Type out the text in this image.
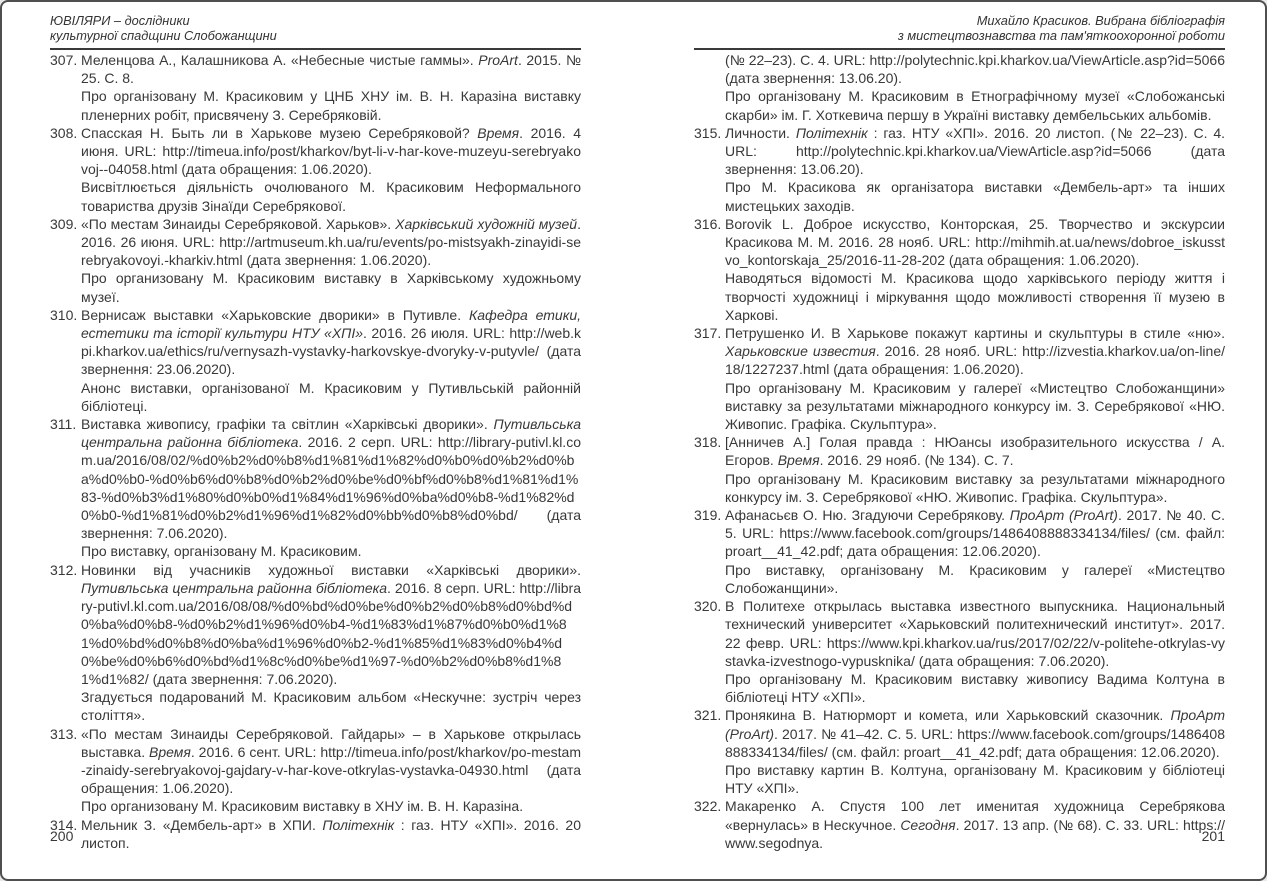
ЮВІЛЯРИ – дослідники
культурної спадщини Слобожанщини
307. Меленцова А., Калашникова А. «Небесные чистые гаммы». ProArt. 2015. № 25. С. 8.

Про організовану М. Красиковим у ЦНБ ХНУ ім. В. Н. Каразіна виставку пленерних робіт, присвячену З. Серебряковій.

308. Спасская Н. Быть ли в Харькове музею Серебряковой? Время. 2016. 4 июня. URL: http://timeua.info/post/kharkov/byt-li-v-har-kove-muzeyu-serebryakovoj--04058.html (дата обращения: 1.06.2020).

Висвітлюється діяльність очолюваного М. Красиковим Неформального товариства друзів Зінаїди Серебрякової.

309. «По местам Зинаиды Серебряковой. Харьков». Харківський художній музей. 2016. 26 июня. URL: http://artmuseum.kh.ua/ru/events/po-mistsyakh-zinayidi-serebryakovoyi.-kharkiv.html (дата звернення: 1.06.2020).

Про организовану М. Красиковим виставку в Харківському художньому музеї.

310. Вернисаж выставки «Харьковские дворики» в Путивле. Кафедра етики, естетики та історії культури НТУ «ХПІ». 2016. 26 июля. URL: http://web.kpi.kharkov.ua/ethics/ru/vernysazh-vystavky-harkovskye-dvoryky-v-putyvle/ (дата звернення: 23.06.2020).

Анонс виставки, організованої М. Красиковим у Путивльській районній бібліотеці.

311. Виставка живопису, графіки та світлин «Харківські дворики». Путивльська центральна районна бібліотека. 2016. 2 серп. URL: http://library-putivl.kl.com.ua/2016/08/02/%d0%b2%d0%b8%d1%81%d1%82%d0%b0%d0%b2%d0%ba%d0%b0-%d0%b6%d0%b8%d0%b2%d0%be%d0%bf%d0%b8%d1%81%d1%83-%d0%b3%d1%80%d0%b0%d1%84%d1%96%d0%ba%d0%b8-%d1%82%d0%b0-%d1%81%d0%b2%d1%96%d1%82%d0%bb%d0%b8%d0%bd/ (дата звернення: 7.06.2020).

Про виставку, організовану М. Красиковим.

312. Новинки від учасників художньої виставки «Харківські дворики». Путивльська центральна районна бібліотека. 2016. 8 серп. URL: http://library-putivl.kl.com.ua/2016/08/08/%d0%bd%d0%be%d0%b2%d0%b8%d0%bd%d0%ba%d0%b8-%d0%b2%d1%96%d0%b4-%d1%83%d1%87%d0%b0%d1%81%d0%bd%d0%b8%d0%ba%d1%96%d0%b2-%d1%85%d1%83%d0%b4%d0%be%d0%b6%d0%bd%d1%8c%d0%be%d1%97-%d0%b2%d0%b8%d1%81%d1%82/ (дата звернення: 7.06.2020).

Згадується подарований М. Красиковим альбом «Нескучне: зустріч через століття».

313. «По местам Зинаиды Серебряковой. Гайдары» – в Харькове открылась выставка. Время. 2016. 6 сент. URL: http://timeua.info/post/kharkov/po-mestam-zinaidy-serebryakovoj-gajdary-v-har-kove-otkrylas-vystavka-04930.html (дата обращения: 1.06.2020).

Про организовану М. Красиковим виставку в ХНУ ім. В. Н. Каразіна.

314. Мельник З. «Дембель-арт» в ХПИ. Політехнік : газ. НТУ «ХПІ». 2016. 20 листоп.

200
Михайло Красиков. Вибрана бібліографія
з мистецтвознавства та пам'яткоохоронної роботи

(№ 22–23). С. 4. URL: http://polytechnic.kpi.kharkov.ua/ViewArticle.asp?id=5066 (дата звернення: 13.06.20).

Про організовану М. Красиковим в Етнографічному музеї «Слобожанські скарби» ім. Г. Хоткевича першу в Україні виставку дембельських альбомів.

315. Личности. Політехнік : газ. НТУ «ХПІ». 2016. 20 листоп. (№ 22–23). С. 4. URL: http://polytechnic.kpi.kharkov.ua/ViewArticle.asp?id=5066 (дата звернення: 13.06.20).

Про М. Красикова як організатора виставки «Дембель-арт» та інших мистецьких заходів.

316. Borovik L. Доброе искусство, Конторская, 25. Творчество и экскурсии Красикова М. М. 2016. 28 нояб. URL: http://mihmih.at.ua/news/dobroe_iskusstvo_kontorskaja_25/2016-11-28-202 (дата обращения: 1.06.2020).

Наводяться відомості М. Красикова щодо харківського періоду життя і творчості художниці і міркування щодо можливості створення її музею в Харкові.

317. Петрушенко И. В Харькове покажут картины и скульптуры в стиле «ню». Харьковские известия. 2016. 28 нояб. URL: http://izvestia.kharkov.ua/on-line/18/1227237.html (дата обращения: 1.06.2020).

Про організовану М. Красиковим у галереї «Мистецтво Слобожанщини» виставку за результатами міжнародного конкурсу ім. З. Серебрякової «НЮ. Живопис. Графіка. Скульптура».

318. [Анничев А.] Голая правда : НЮансы изобразительного искусства / А. Егоров. Время. 2016. 29 нояб. (№ 134). С. 7.

Про організовану М. Красиковим виставку за результатами міжнародного конкурсу ім. З. Серебрякової «НЮ. Живопис. Графіка. Скульптура».

319. Афанасьєв О. Ню. Згадуючи Серебрякову. ПроАрт (ProArt). 2017. № 40. С. 5. URL: https://www.facebook.com/groups/1486408888334134/files/ (см. файл: proart__41_42.pdf; дата обращения: 12.06.2020).

Про виставку, організовану М. Красиковим у галереї «Мистецтво Слобожанщини».

320. В Политехе открылась выставка известного выпускника. Национальный технический университет «Харьковский политехнический институт». 2017. 22 февр. URL: https://www.kpi.kharkov.ua/rus/2017/02/22/v-politehe-otkrylas-vystavka-izvestnogo-vypusknika/ (дата обращения: 7.06.2020).

Про організовану М. Красиковим виставку живопису Вадима Колтуна в бібліотеці НТУ «ХПІ».

321. Пронякина В. Натюрморт и комета, или Харьковский сказочник. ПроАрт (ProArt). 2017. № 41–42. С. 5. URL: https://www.facebook.com/groups/1486408888334134/files/ (см. файл: proart__41_42.pdf; дата обращения: 12.06.2020).

Про виставку картин В. Колтуна, організовану М. Красиковим у бібліотеці НТУ «ХПІ».

322. Макаренко А. Спустя 100 лет именитая художница Серебрякова «вернулась» в Нескучное. Сегодня. 2017. 13 апр. (№ 68). С. 33. URL: https://www.segodnya.	201
